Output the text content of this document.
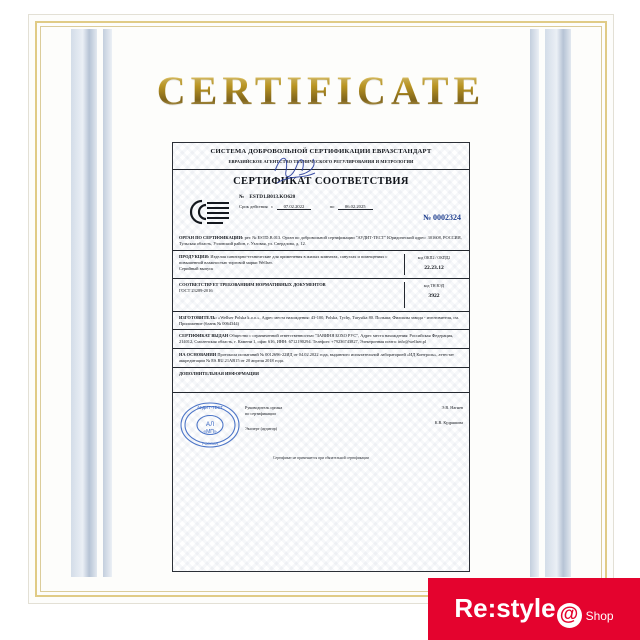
CERTIFICATE
СИСТЕМА ДОБРОВОЛЬНОЙ СЕРТИФИКАЦИИ ЕВРАЗСТАНДАРТ
ЕВРАЗИЙСКОЕ АГЕНТСТВО ТЕХНИЧЕСКОГО РЕГУЛИРОВАНИЯ И МЕТРОЛОГИИ
СЕРТИФИКАТ СООТВЕТСТВИЯ
№ ESTD1.B013.KO620
Срок действия с 07.02.2022	по 06.02.2025
№ 0002324
ОРГАН ПО СЕРТИФИКАЦИИ: рег. № ESTD.B.013. Орган по добровольной сертификации "АУДИТ-ТЕСТ" Юридический адрес: 301608, РОССИЯ, Тульская область, Узловский район, г. Узловая, ул. Свердлова, д. 12.
ПРОДУКЦИЯ: Изделия санитарно-технические для применения в жилых комнатах, санузлах и помещениях с повышенной влажностью торговой марки Wellser.
Серийный выпуск
код ОКП2 / ОКПД2
22.23.12
СООТВЕТСТВУЕТ ТРЕБОВАНИЯМ НОРМАТИВНЫХ ДОКУМЕНТОВ
ГОСТ 23289-2016
код ТН ВЭД
3922
ИЗГОТОВИТЕЛЬ: «Wellser Polska k.o.o.», Адрес места нахождения: 43-100, Polska, Tychy, Turystka 80. Польша; Филиалы завода - изготовителя, см. Приложение (бланк № 0064344)
СЕРТИФИКАТ ВЫДАН Общество с ограниченной ответственностью "ЗАВИНЯ БОХО РУС", Адрес места нахождения: Российская Федерация, 214012, Смоленская область, г. Камени 1, офис 616, ИНН: 6712190294. Телефон: +79236743827, Электронная почта: info@wellser.pl
НА ОСНОВАНИИ Протокола испытаний № 0012696-22ИД от 04.02.2022 года, выданного испытательной лабораторией «ИД Контроль», аттестат аккредитации № ES.RU.21АВ15 от 20 апреля 2018 года.
ДОПОЛНИТЕЛЬНАЯ ИНФОРМАЦИЯ
АУДИТ-ТЕСТ
АЛ
«МП»
РОССИЯ
Руководитель органа
по сертификации
Эксперт (аудитор)
Э.В. Нагнев
К.В. Кудряшова
Сертификат не применяется при обязательной сертификации
Re:style @ Shop
